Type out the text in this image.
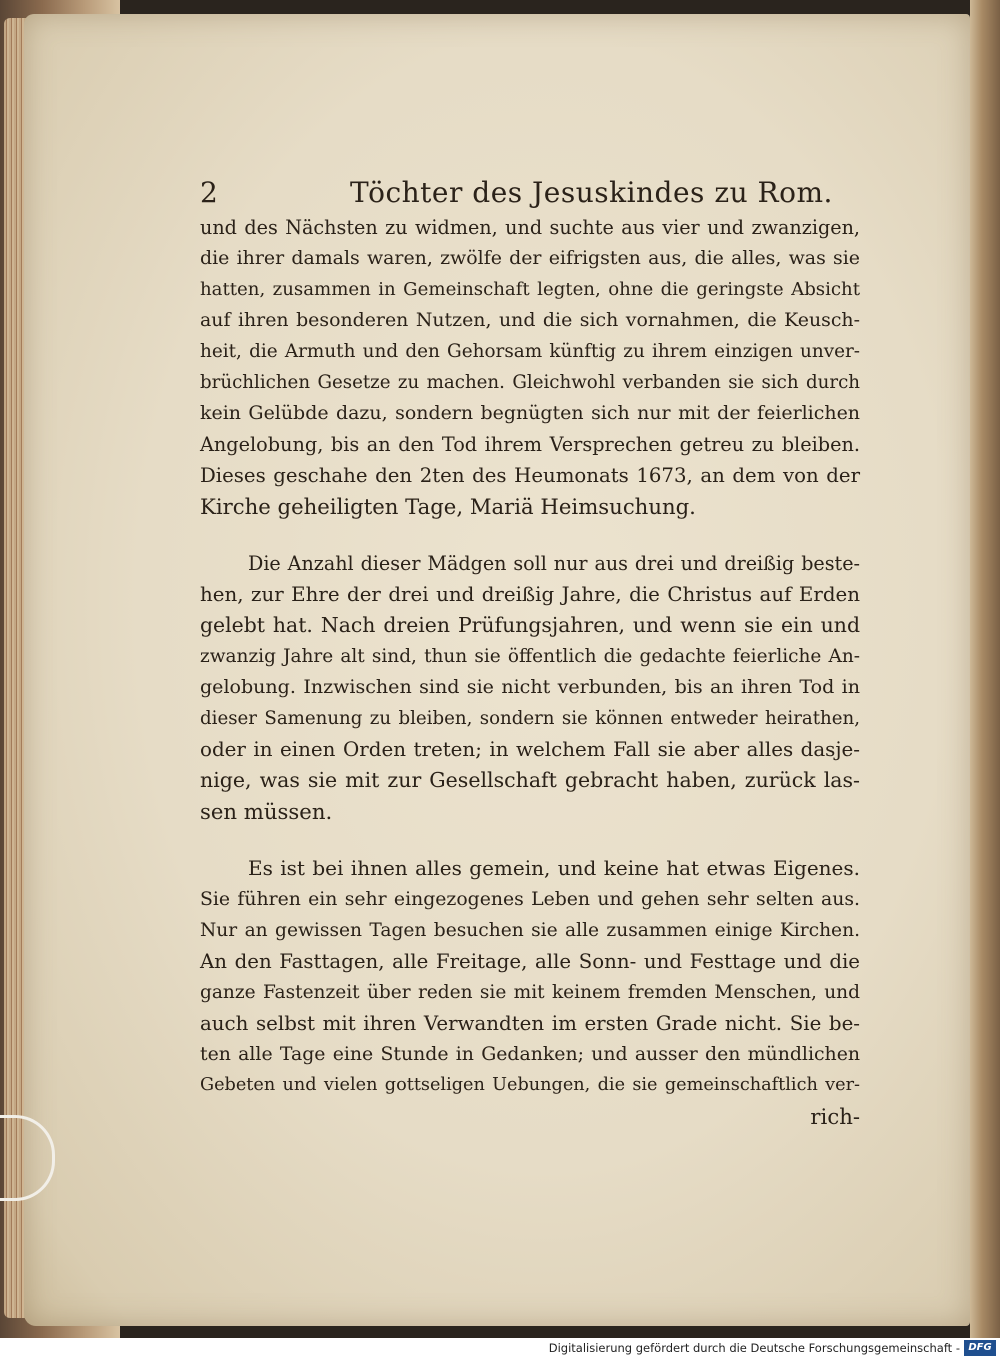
2	Töchter des Jesuskindes zu Rom.
und des Nächsten zu widmen, und suchte aus vier und zwanzigen,
die ihrer damals waren, zwölfe der eifrigsten aus, die alles, was sie
hatten, zusammen in Gemeinschaft legten, ohne die geringste Absicht
auf ihren besonderen Nutzen, und die sich vornahmen, die Keusch-
heit, die Armuth und den Gehorsam künftig zu ihrem einzigen unver-
brüchlichen Gesetze zu machen. Gleichwohl verbanden sie sich durch
kein Gelübde dazu, sondern begnügten sich nur mit der feierlichen
Angelobung, bis an den Tod ihrem Versprechen getreu zu bleiben.
Dieses geschahe den 2ten des Heumonats 1673, an dem von der
Kirche geheiligten Tage, Mariä Heimsuchung.
Die Anzahl dieser Mädgen soll nur aus drei und dreißig beste-
hen, zur Ehre der drei und dreißig Jahre, die Christus auf Erden
gelebt hat. Nach dreien Prüfungsjahren, und wenn sie ein und
zwanzig Jahre alt sind, thun sie öffentlich die gedachte feierliche An-
gelobung. Inzwischen sind sie nicht verbunden, bis an ihren Tod in
dieser Samenung zu bleiben, sondern sie können entweder heirathen,
oder in einen Orden treten; in welchem Fall sie aber alles dasje-
nige, was sie mit zur Gesellschaft gebracht haben, zurück las-
sen müssen.
Es ist bei ihnen alles gemein, und keine hat etwas Eigenes.
Sie führen ein sehr eingezogenes Leben und gehen sehr selten aus.
Nur an gewissen Tagen besuchen sie alle zusammen einige Kirchen.
An den Fasttagen, alle Freitage, alle Sonn- und Festtage und die
ganze Fastenzeit über reden sie mit keinem fremden Menschen, und
auch selbst mit ihren Verwandten im ersten Grade nicht. Sie be-
ten alle Tage eine Stunde in Gedanken; und ausser den mündlichen
Gebeten und vielen gottseligen Uebungen, die sie gemeinschaftlich ver-
rich-
Digitalisierung gefördert durch die Deutsche Forschungsgemeinschaft - DFG
